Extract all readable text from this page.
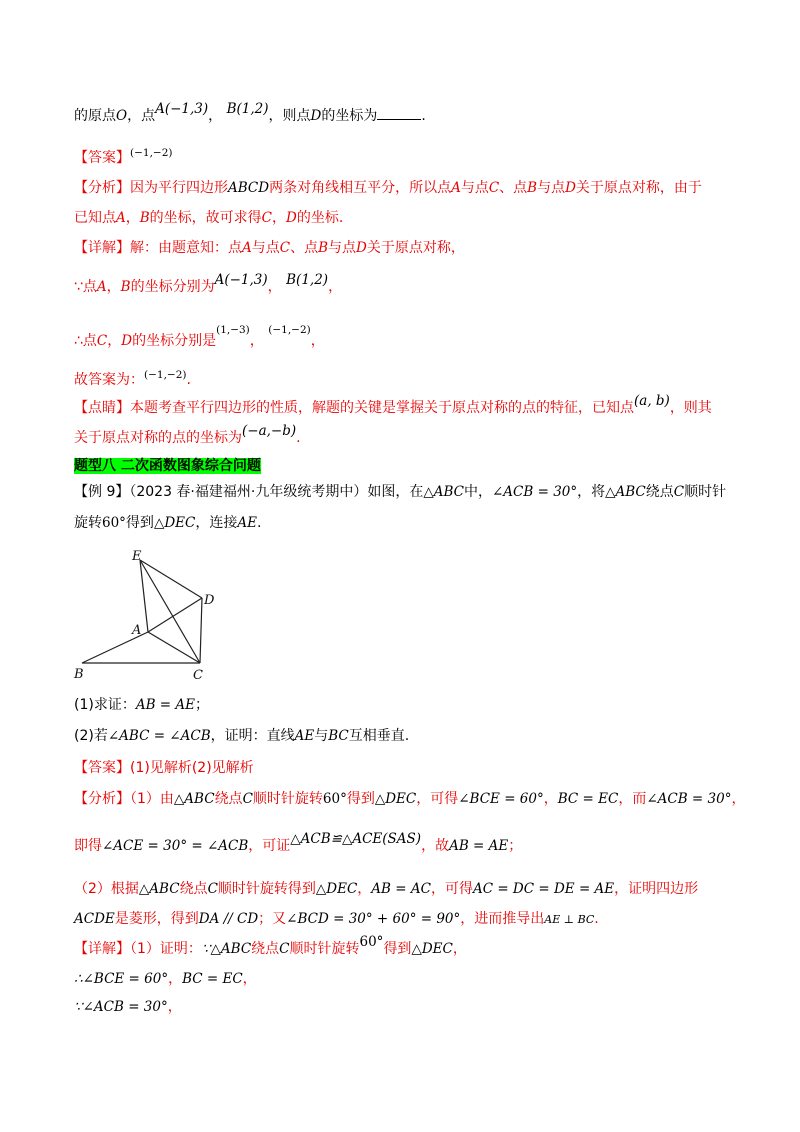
的原点O，点A(−1,3)， B(1,2)，则点D的坐标为	.
【答案】$^{(-1,-2)}$
【分析】因为平行四边形ABCD两条对角线相互平分，所以点A与点C、点B与点D关于原点对称，由于
已知点A，B的坐标，故可求得C，D的坐标.
【详解】解：由题意知：点A与点C、点B与点D关于原点对称，
∵点A，B的坐标分别为A(−1,3)， B(1,2)，
∴点C，D的坐标分别是$^{(1,-3)}$， $^{(-1,-2)}$，
故答案为：$^{(-1,-2)}$.
【点睛】本题考查平行四边形的性质，解题的关键是掌握关于原点对称的点的特征，已知点(a, b)，则其
关于原点对称的点的坐标为(−a,−b).
题型八 二次函数图象综合问题
【例 9】（2023 春·福建福州·九年级统考期中）如图，在△ABC中，∠ACB = 30°，将△ABC绕点C顺时针
旋转60°得到△DEC，连接AE.
E
D
A
B	C
(1)求证：AB = AE；
(2)若∠ABC = ∠ACB，证明：直线AE与BC互相垂直.
【答案】(1)见解析(2)见解析
【分析】（1）由△ABC绕点C顺时针旋转60°得到△DEC，可得∠BCE = 60°，BC = EC，而∠ACB = 30°，
即得∠ACE = 30° = ∠ACB，可证△ACB≌△ACE(SAS)，故AB = AE；
（2）根据△ABC绕点C顺时针旋转得到△DEC，AB = AC，可得AC = DC = DE = AE，证明四边形
ACDE是菱形，得到DA // CD；又∠BCD = 30° + 60° = 90°，进而推导出AE ⊥ BC.
【详解】（1）证明：∵△ABC绕点C顺时针旋转60°得到△DEC，
∴∠BCE = 60°，BC = EC，
∵∠ACB = 30°，
